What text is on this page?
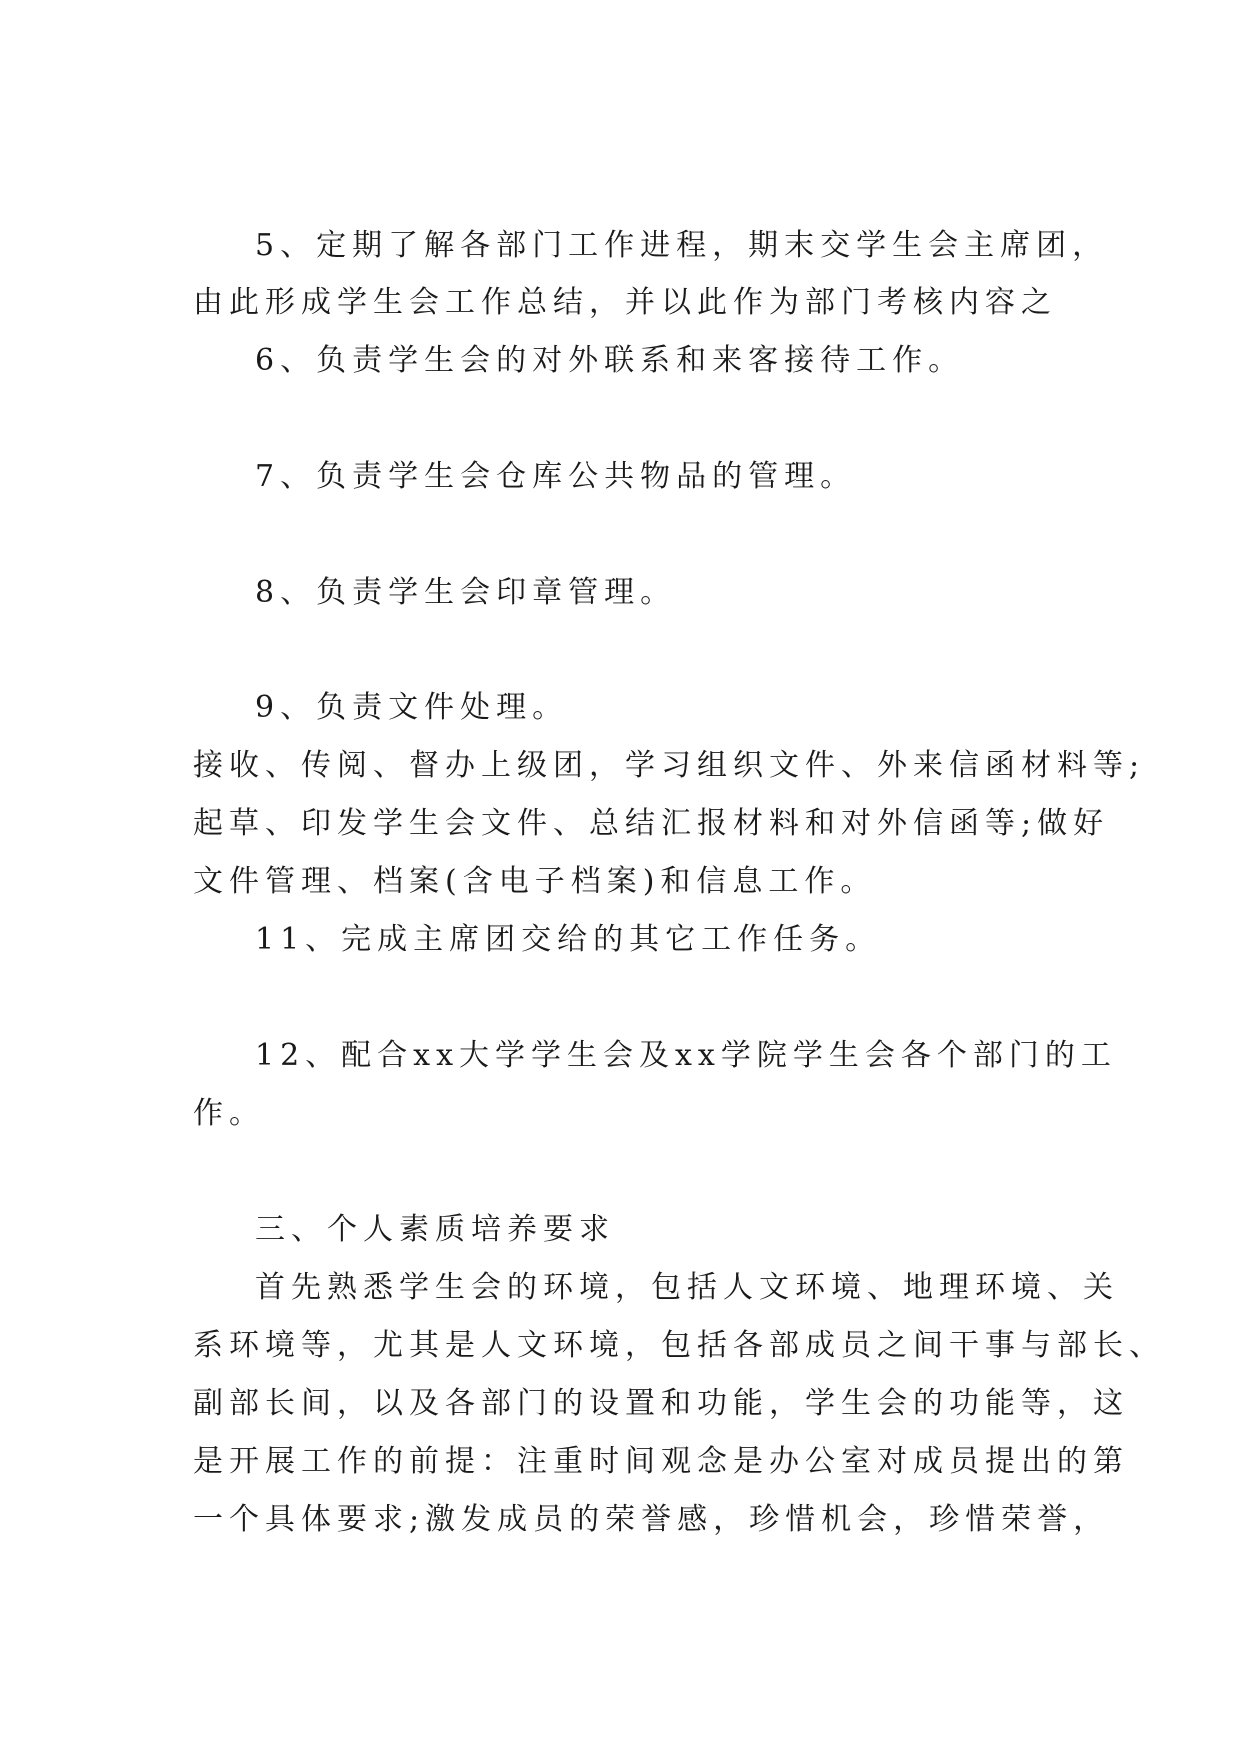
5、定期了解各部门工作进程，期末交学生会主席团，
由此形成学生会工作总结，并以此作为部门考核内容之
6、负责学生会的对外联系和来客接待工作。
7、负责学生会仓库公共物品的管理。
8、负责学生会印章管理。
9、负责文件处理。
接收、传阅、督办上级团，学习组织文件、外来信函材料等;
起草、印发学生会文件、总结汇报材料和对外信函等;做好
文件管理、档案(含电子档案)和信息工作。
11、完成主席团交给的其它工作任务。
12、配合xx大学学生会及xx学院学生会各个部门的工
作。
三、个人素质培养要求
首先熟悉学生会的环境，包括人文环境、地理环境、关
系环境等，尤其是人文环境，包括各部成员之间干事与部长、
副部长间，以及各部门的设置和功能，学生会的功能等，这
是开展工作的前提：注重时间观念是办公室对成员提出的第
一个具体要求;激发成员的荣誉感，珍惜机会，珍惜荣誉，
